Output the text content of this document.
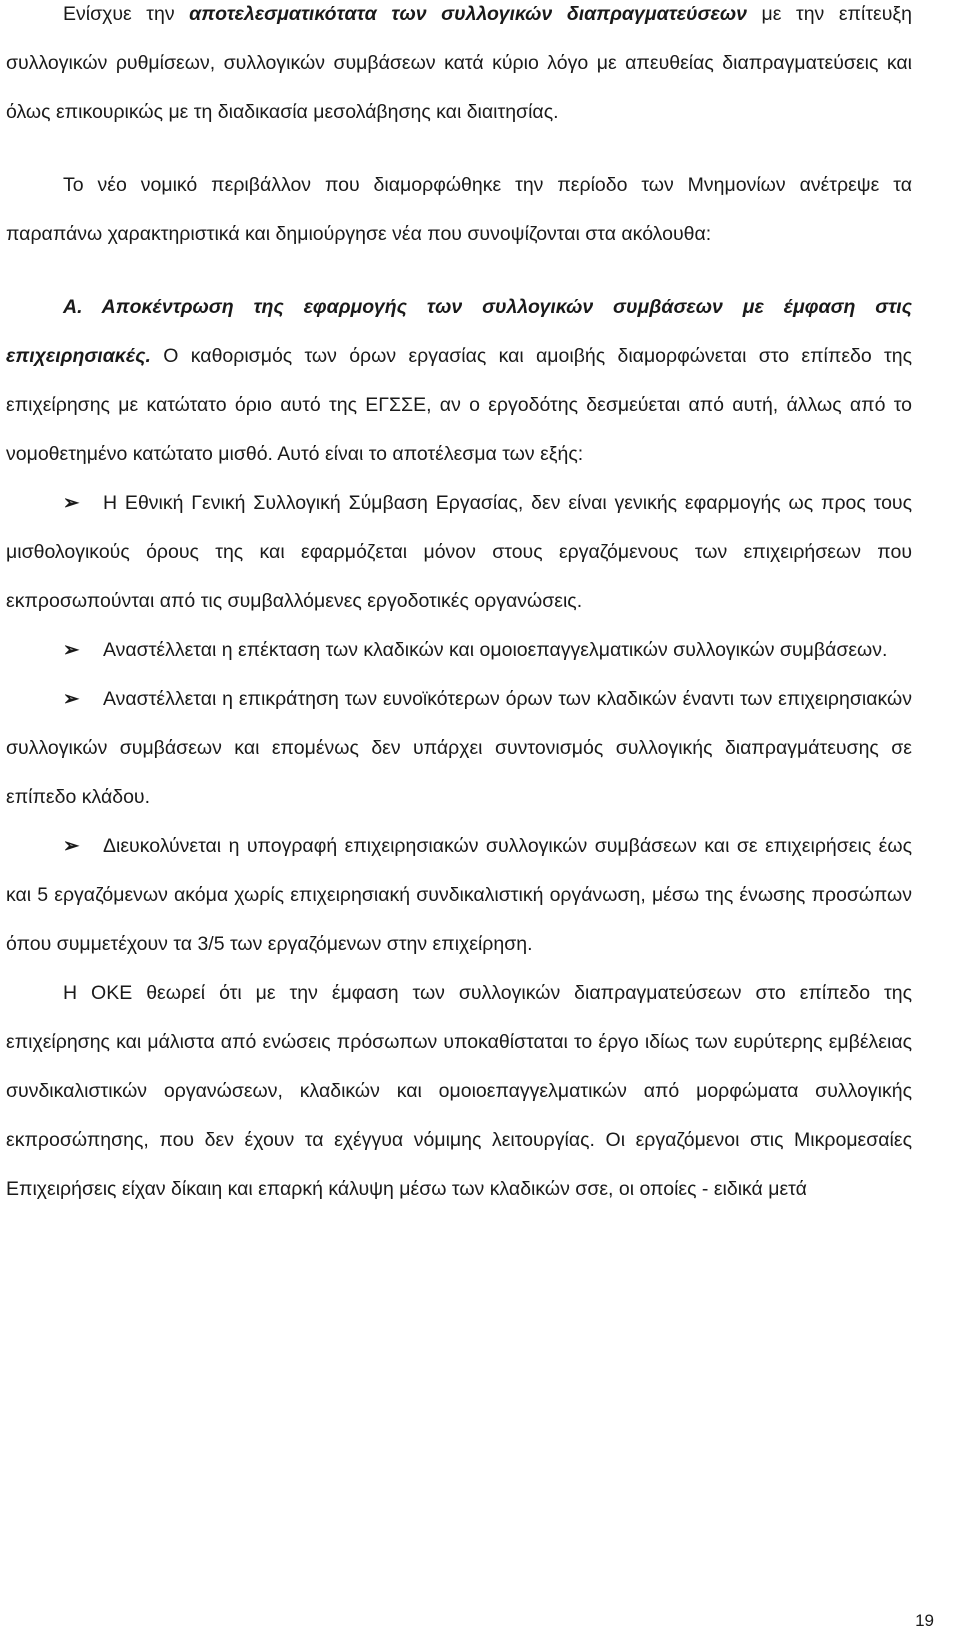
Ενίσχυε την αποτελεσματικότατα των συλλογικών διαπραγματεύσεων με την επίτευξη συλλογικών ρυθμίσεων, συλλογικών συμβάσεων κατά κύριο λόγο με απευθείας διαπραγματεύσεις και όλως επικουρικώς με τη διαδικασία μεσολάβησης και διαιτησίας.

Το νέο νομικό περιβάλλον που διαμορφώθηκε την περίοδο των Μνημονίων ανέτρεψε τα παραπάνω χαρακτηριστικά και δημιούργησε νέα που συνοψίζονται στα ακόλουθα:

Α. Αποκέντρωση της εφαρμογής των συλλογικών συμβάσεων με έμφαση στις επιχειρησιακές. Ο καθορισμός των όρων εργασίας και αμοιβής διαμορφώνεται στο επίπεδο της επιχείρησης με κατώτατο όριο αυτό της ΕΓΣΣΕ, αν ο εργοδότης δεσμεύεται από αυτή, άλλως από το νομοθετημένο κατώτατο μισθό. Αυτό είναι το αποτέλεσμα των εξής:

➢ Η Εθνική Γενική Συλλογική Σύμβαση Εργασίας, δεν είναι γενικής εφαρμογής ως προς τους μισθολογικούς όρους της και εφαρμόζεται μόνον στους εργαζόμενους των επιχειρήσεων που εκπροσωπούνται από τις συμβαλλόμενες εργοδοτικές οργανώσεις.

➢ Αναστέλλεται η επέκταση των κλαδικών και ομοιοεπαγγελματικών συλλογικών συμβάσεων.

➢ Αναστέλλεται η επικράτηση των ευνοϊκότερων όρων των κλαδικών έναντι των επιχειρησιακών συλλογικών συμβάσεων και επομένως δεν υπάρχει συντονισμός συλλογικής διαπραγμάτευσης σε επίπεδο κλάδου.

➢ Διευκολύνεται η υπογραφή επιχειρησιακών συλλογικών συμβάσεων και σε επιχειρήσεις έως και 5 εργαζόμενων ακόμα χωρίς επιχειρησιακή συνδικαλιστική οργάνωση, μέσω της ένωσης προσώπων όπου συμμετέχουν τα 3/5 των εργαζόμενων στην επιχείρηση.

Η ΟΚΕ θεωρεί ότι με την έμφαση των συλλογικών διαπραγματεύσεων στο επίπεδο της επιχείρησης και μάλιστα από ενώσεις πρόσωπων υποκαθίσταται το έργο ιδίως των ευρύτερης εμβέλειας συνδικαλιστικών οργανώσεων, κλαδικών και ομοιοεπαγγελματικών από μορφώματα συλλογικής εκπροσώπησης, που δεν έχουν τα εχέγγυα νόμιμης λειτουργίας. Οι εργαζόμενοι στις Μικρομεσαίες Επιχειρήσεις είχαν δίκαιη και επαρκή κάλυψη μέσω των κλαδικών σσε, οι οποίες - ειδικά μετά

19
